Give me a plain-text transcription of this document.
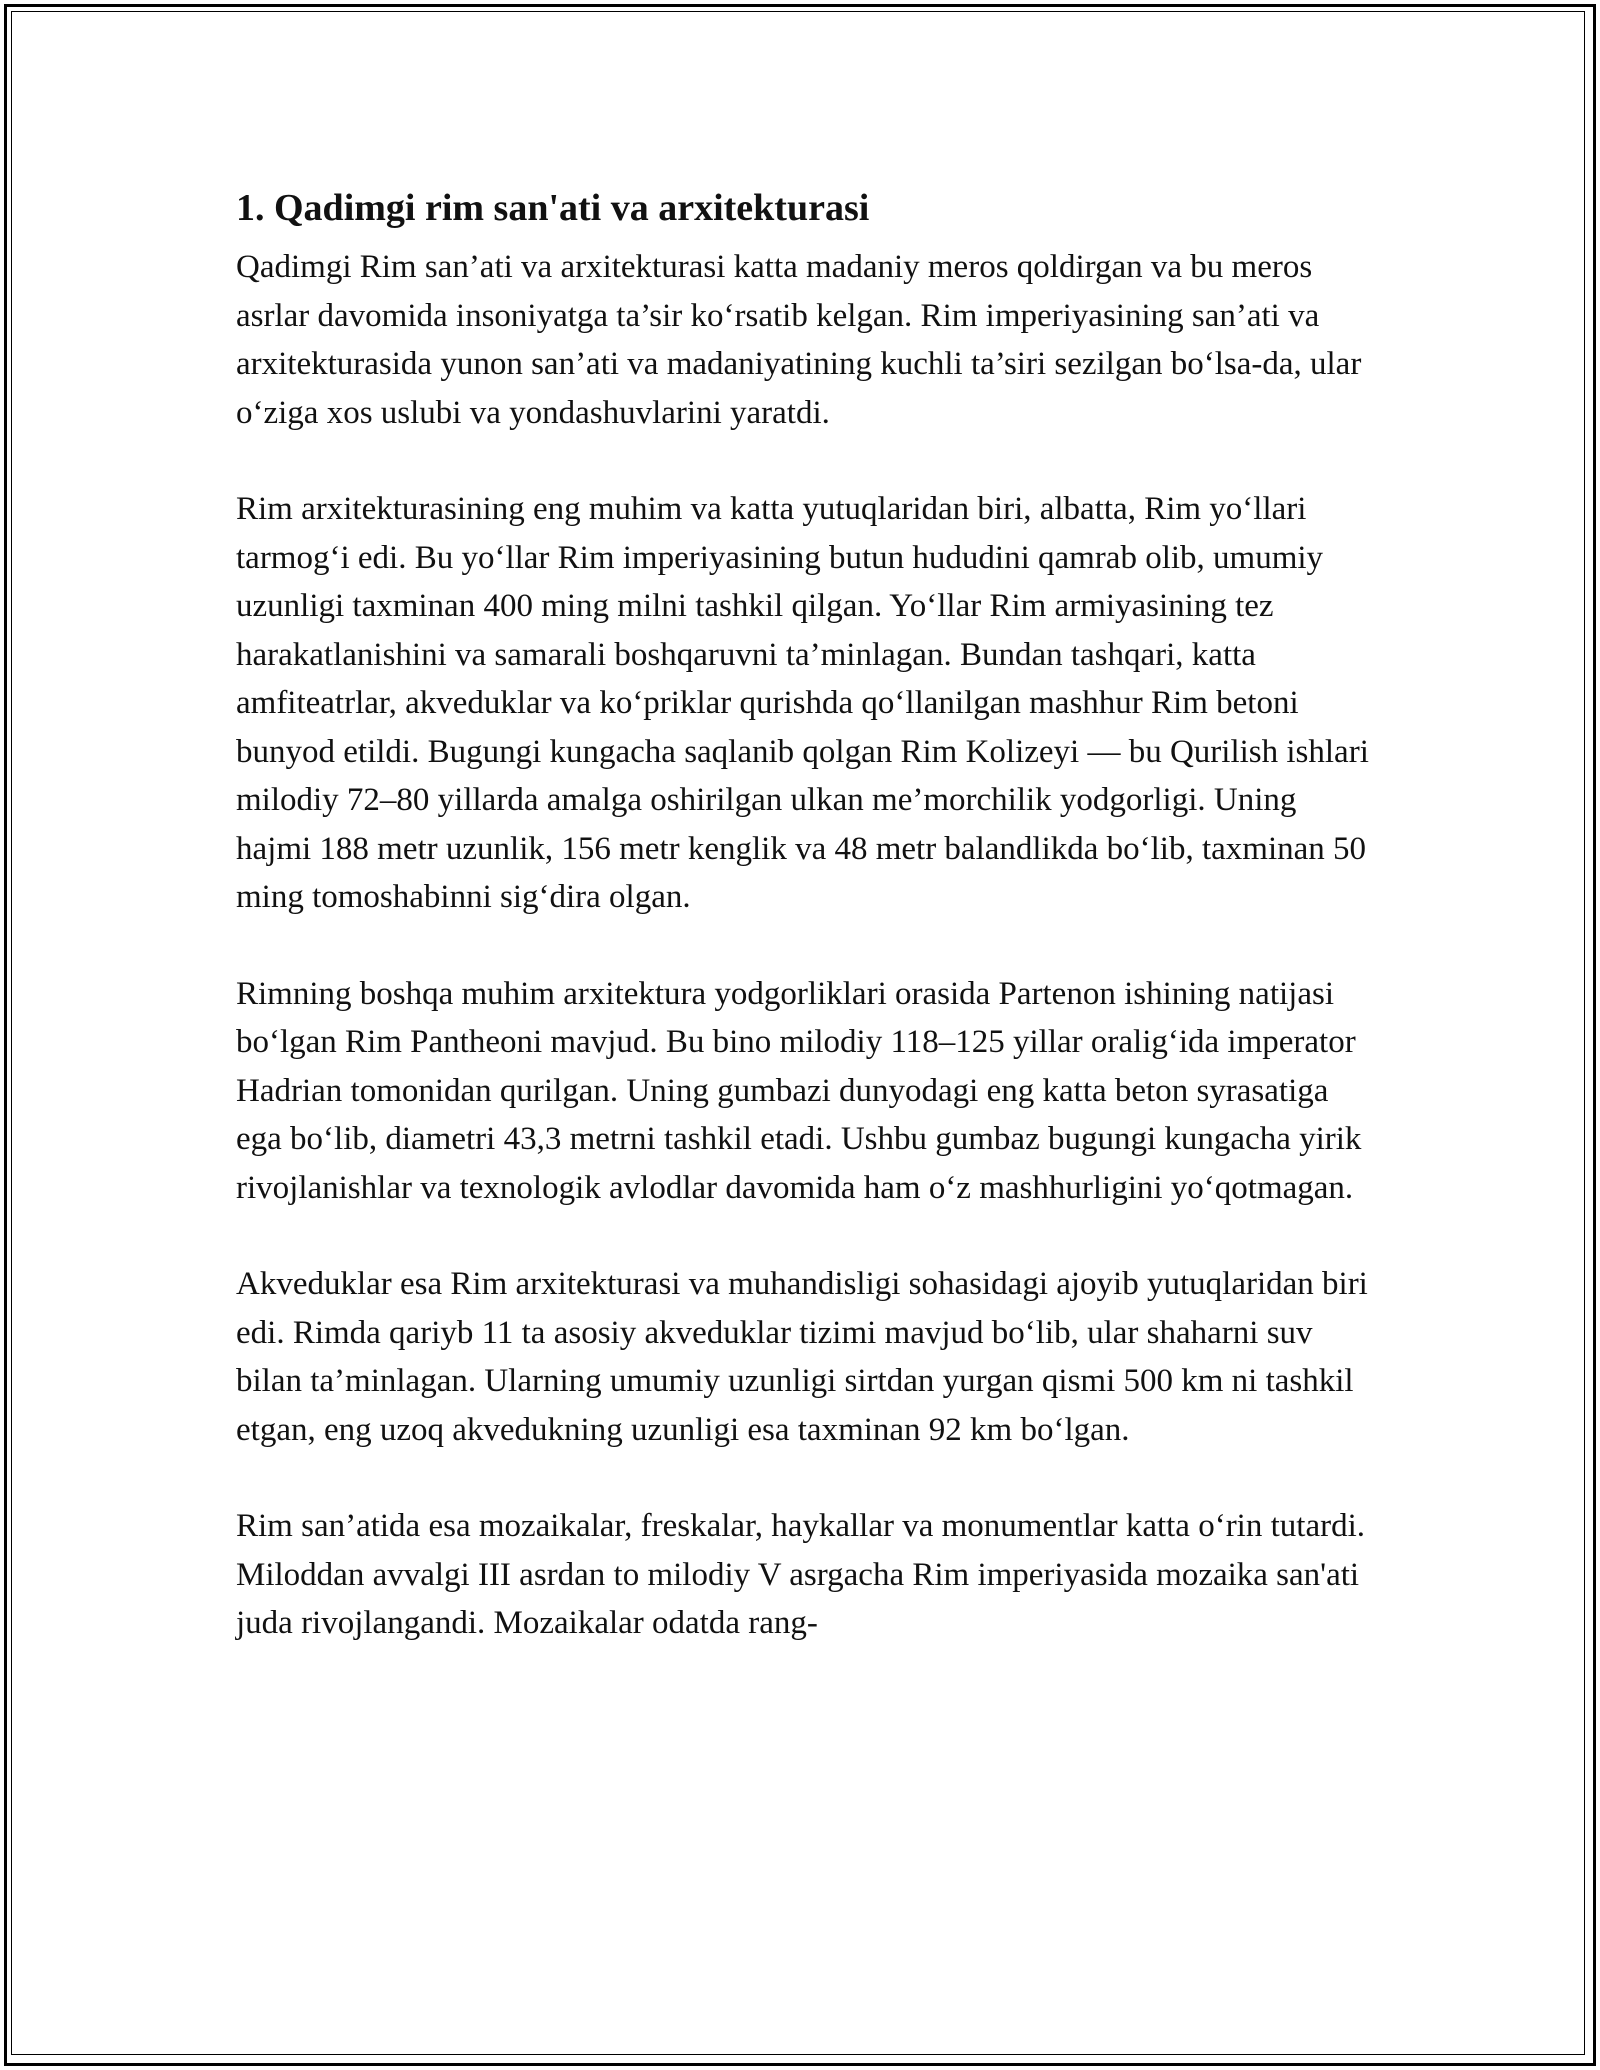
1. Qadimgi rim san'ati va arxitekturasi

Qadimgi Rim san’ati va arxitekturasi katta madaniy meros qoldirgan va bu meros asrlar davomida insoniyatga ta’sir ko‘rsatib kelgan. Rim imperiyasining san’ati va arxitekturasida yunon san’ati va madaniyatining kuchli ta’siri sezilgan bo‘lsa-da, ular o‘ziga xos uslubi va yondashuvlarini yaratdi.

Rim arxitekturasining eng muhim va katta yutuqlaridan biri, albatta, Rim yo‘llari tarmog‘i edi. Bu yo‘llar Rim imperiyasining butun hududini qamrab olib, umumiy uzunligi taxminan 400 ming milni tashkil qilgan. Yo‘llar Rim armiyasining tez harakatlanishini va samarali boshqaruvni ta’minlagan. Bundan tashqari, katta amfiteatrlar, akveduklar va ko‘priklar qurishda qo‘llanilgan mashhur Rim betoni bunyod etildi. Bugungi kungacha saqlanib qolgan Rim Kolizeyi — bu Qurilish ishlari milodiy 72–80 yillarda amalga oshirilgan ulkan me’morchilik yodgorligi. Uning hajmi 188 metr uzunlik, 156 metr kenglik va 48 metr balandlikda bo‘lib, taxminan 50 ming tomoshabinni sig‘dira olgan.

Rimning boshqa muhim arxitektura yodgorliklari orasida Partenon ishining natijasi bo‘lgan Rim Pantheoni mavjud. Bu bino milodiy 118–125 yillar oralig‘ida imperator Hadrian tomonidan qurilgan. Uning gumbazi dunyodagi eng katta beton syrasatiga ega bo‘lib, diametri 43,3 metrni tashkil etadi. Ushbu gumbaz bugungi kungacha yirik rivojlanishlar va texnologik avlodlar davomida ham o‘z mashhurligini yo‘qotmagan.

Akveduklar esa Rim arxitekturasi va muhandisligi sohasidagi ajoyib yutuqlaridan biri edi. Rimda qariyb 11 ta asosiy akveduklar tizimi mavjud bo‘lib, ular shaharni suv bilan ta’minlagan. Ularning umumiy uzunligi sirtdan yurgan qismi 500 km ni tashkil etgan, eng uzoq akvedukning uzunligi esa taxminan 92 km bo‘lgan.

Rim san’atida esa mozaikalar, freskalar, haykallar va monumentlar katta o‘rin tutardi. Miloddan avvalgi III asrdan to milodiy V asrgacha Rim imperiyasida mozaika san'ati juda rivojlangandi. Mozaikalar odatda rang-
